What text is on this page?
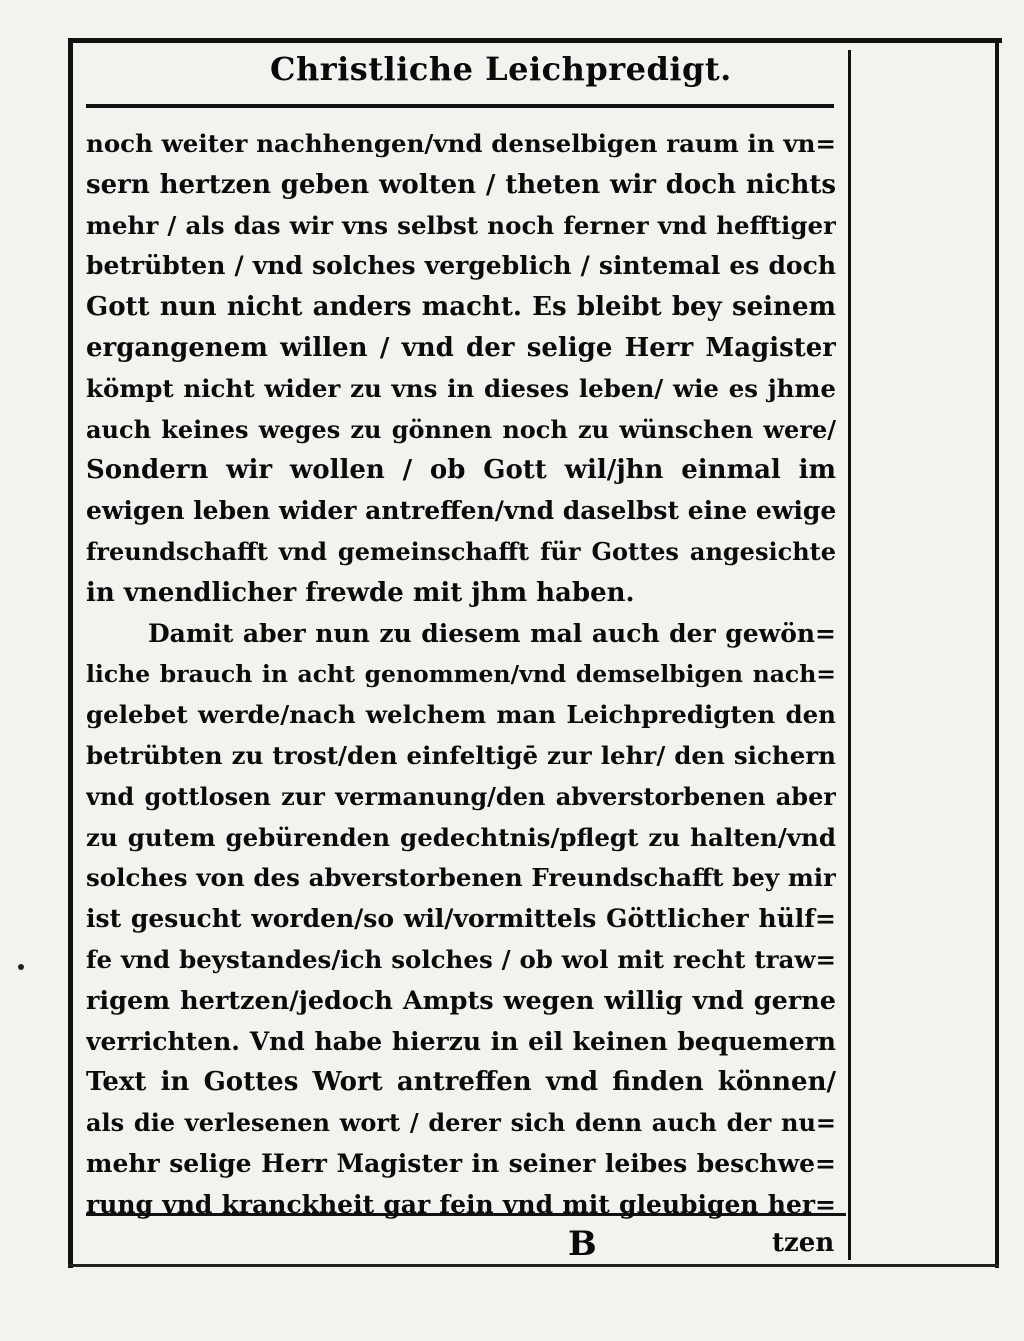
Christliche Leichpredigt.
noch weiter nachhengen/vnd denselbigen raum in vn=
sern hertzen geben wolten / theten wir doch nichts
mehr / als das wir vns selbst noch ferner vnd hefftiger
betrübten / vnd solches vergeblich / sintemal es doch
Gott nun nicht anders macht. Es bleibt bey seinem
ergangenem willen / vnd der selige Herr Magister
kömpt nicht wider zu vns in dieses leben/ wie es jhme
auch keines weges zu gönnen noch zu wünschen were/
Sondern wir wollen / ob Gott wil/jhn einmal im
ewigen leben wider antreffen/vnd daselbst eine ewige
freundschafft vnd gemeinschafft für Gottes angesichte
in vnendlicher frewde mit jhm haben.
Damit aber nun zu diesem mal auch der gewön=
liche brauch in acht genommen/vnd demselbigen nach=
gelebet werde/nach welchem man Leichpredigten den
betrübten zu trost/den einfeltigē zur lehr/ den sichern
vnd gottlosen zur vermanung/den abverstorbenen aber
zu gutem gebürenden gedechtnis/pflegt zu halten/vnd
solches von des abverstorbenen Freundschafft bey mir
ist gesucht worden/so wil/vormittels Göttlicher hülf=
fe vnd beystandes/ich solches / ob wol mit recht traw=
rigem hertzen/jedoch Ampts wegen willig vnd gerne
verrichten. Vnd habe hierzu in eil keinen bequemern
Text in Gottes Wort antreffen vnd finden können/
als die verlesenen wort / derer sich denn auch der nu=
mehr selige Herr Magister in seiner leibes beschwe=
rung vnd kranckheit gar fein vnd mit gleubigen her=
B	tzen
